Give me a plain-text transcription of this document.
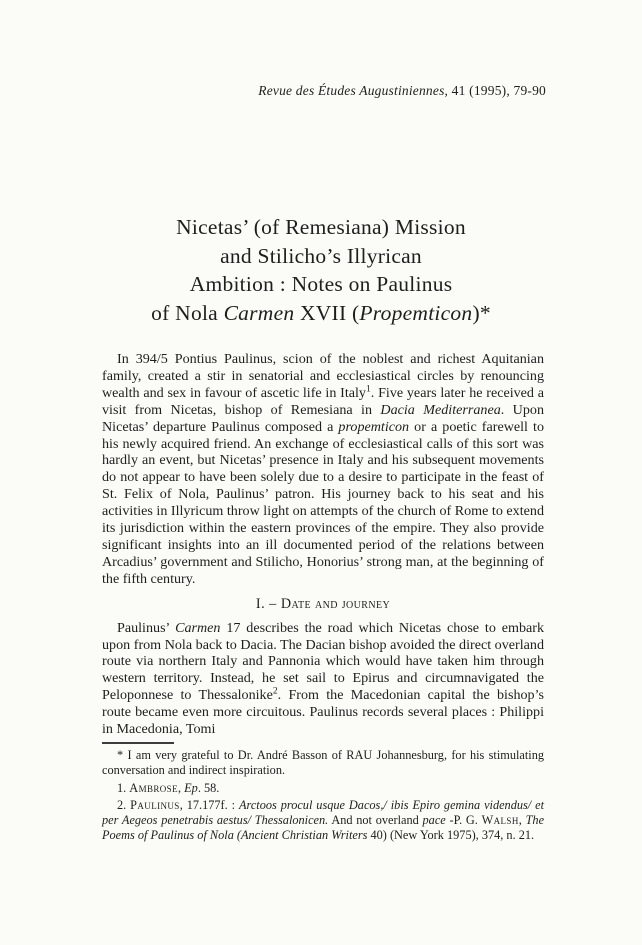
Revue des Études Augustiniennes, 41 (1995), 79-90
Nicetas’ (of Remesiana) Mission
and Stilicho’s Illyrican
Ambition : Notes on Paulinus
of Nola Carmen XVII (Propemticon)*

In 394/5 Pontius Paulinus, scion of the noblest and richest Aquitanian family, created a stir in senatorial and ecclesiastical circles by renouncing wealth and sex in favour of ascetic life in Italy$^1$. Five years later he received a visit from Nicetas, bishop of Remesiana in Dacia Mediterranea. Upon Nicetas’ departure Paulinus composed a propemticon or a poetic farewell to his newly acquired friend. An exchange of ecclesiastical calls of this sort was hardly an event, but Nicetas’ presence in Italy and his subsequent movements do not appear to have been solely due to a desire to participate in the feast of St. Felix of Nola, Paulinus’ patron. His journey back to his seat and his activities in Illyricum throw light on attempts of the church of Rome to extend its jurisdiction within the eastern provinces of the empire. They also provide significant insights into an ill documented period of the relations between Arcadius’ government and Stilicho, Honorius’ strong man, at the beginning of the fifth century.

I. – Date and journey

Paulinus’ Carmen 17 describes the road which Nicetas chose to embark upon from Nola back to Dacia. The Dacian bishop avoided the direct overland route via northern Italy and Pannonia which would have taken him through western territory. Instead, he set sail to Epirus and circumnavigated the Peloponnese to Thessalonike$^2$. From the Macedonian capital the bishop’s route became even more circuitous. Paulinus records several places : Philippi in Macedonia, Tomi

* I am very grateful to Dr. André Basson of RAU Johannesburg, for his stimulating conversation and indirect inspiration.

1. Ambrose, Ep. 58.

2. Paulinus, 17.177f. : Arctoos procul usque Dacos,/ ibis Epiro gemina videndus/ et per Aegeos penetrabis aestus/ Thessalonicen. And not overland pace -P. G. Walsh, The Poems of Paulinus of Nola (Ancient Christian Writers 40) (New York 1975), 374, n. 21.
